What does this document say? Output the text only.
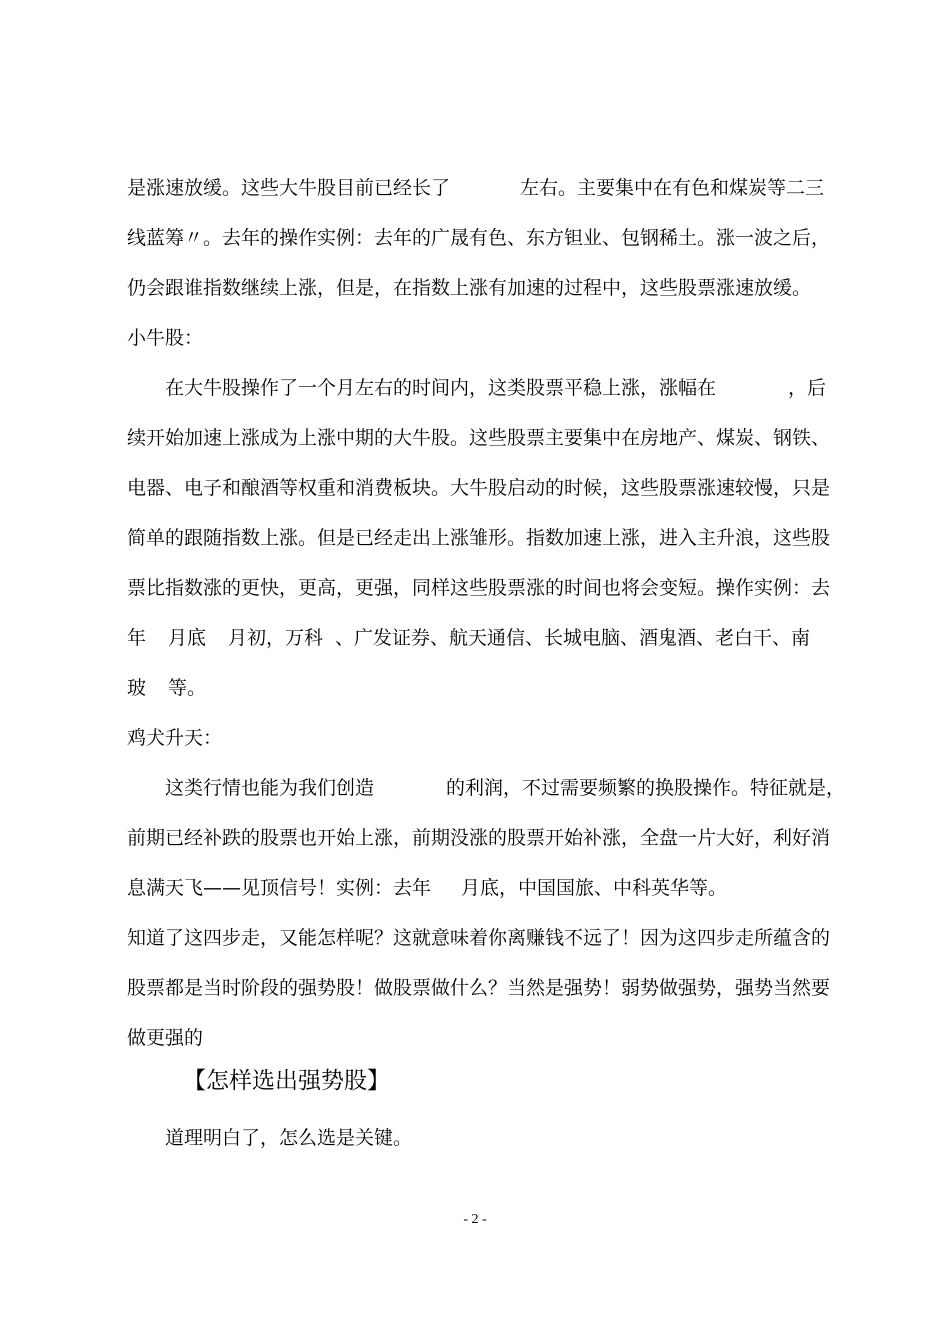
是涨速放缓。这些大牛股目前已经长了	左右。主要集中在有色和煤炭等二三
线蓝筹〃。去年的操作实例：去年的广晟有色、东方钽业、包钢稀土。涨一波之后，
仍会跟谁指数继续上涨，但是，在指数上涨有加速的过程中，这些股票涨速放缓。
小牛股：
在大牛股操作了一个月左右的时间内，这类股票平稳上涨，涨幅在	，后
续开始加速上涨成为上涨中期的大牛股。这些股票主要集中在房地产、煤炭、钢铁、
电器、电子和酿酒等权重和消费板块。大牛股启动的时候，这些股票涨速较慢，只是
简单的跟随指数上涨。但是已经走出上涨雏形。指数加速上涨，进入主升浪，这些股
票比指数涨的更快，更高，更强，同样这些股票涨的时间也将会变短。操作实例：去
年 月底 月初，万科 、广发证券、航天通信、长城电脑、酒鬼酒、老白干、南
玻 等。
鸡犬升天：
这类行情也能为我们创造	的利润，不过需要频繁的换股操作。特征就是，
前期已经补跌的股票也开始上涨，前期没涨的股票开始补涨，全盘一片大好，利好消
息满天飞——见顶信号！实例：去年 月底，中国国旅、中科英华等。
知道了这四步走，又能怎样呢？这就意味着你离赚钱不远了！因为这四步走所蕴含的
股票都是当时阶段的强势股！做股票做什么？当然是强势！弱势做强势，强势当然要
做更强的
【怎样选出强势股】
道理明白了，怎么选是关键。
- 2 -
